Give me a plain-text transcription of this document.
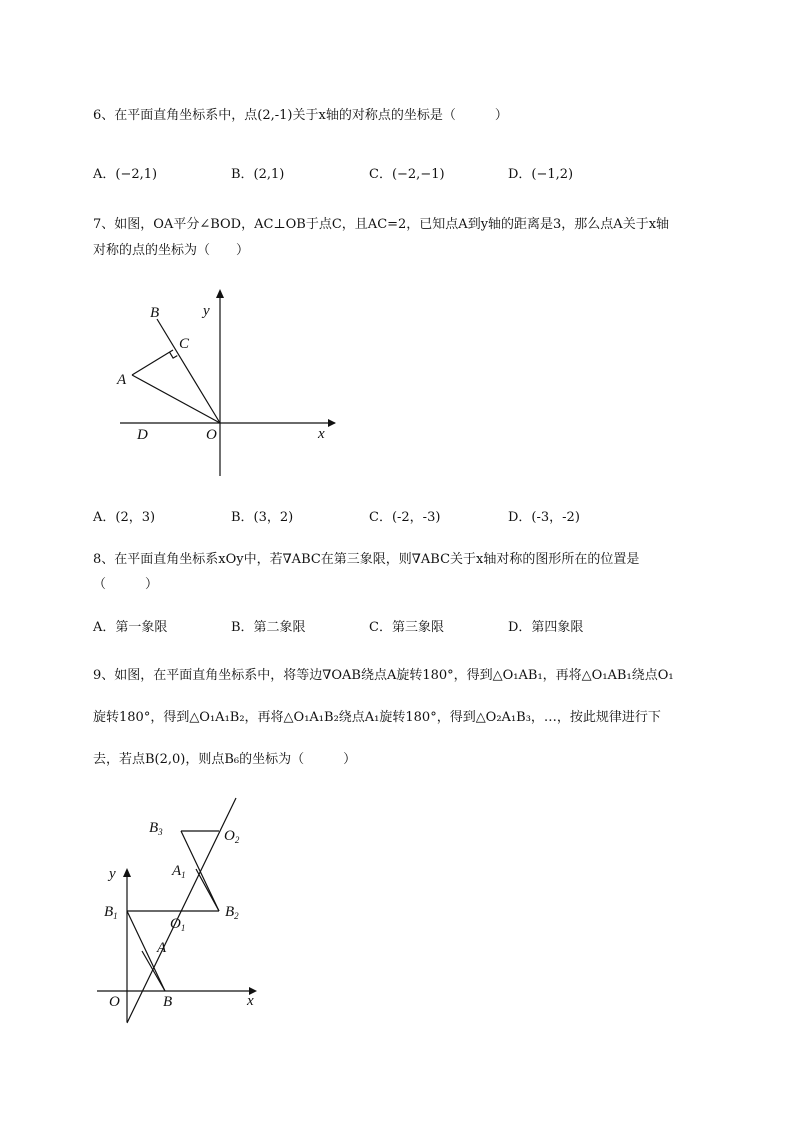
6、在平面直角坐标系中，点(2,-1)关于x轴的对称点的坐标是（　　　）
A．(−2,1)	B．(2,1)	C．(−2,−1)	D．(−1,2)
7、如图，OA平分∠BOD，AC⊥OB于点C，且AC=2，已知点A到y轴的距离是3，那么点A关于x轴
对称的点的坐标为（　　）
B
C
A
D	O	x
y
A．(2，3)	B．(3，2)	C．(-2，-3)	D．(-3，-2)
8、在平面直角坐标系xOy中，若∇ABC在第三象限，则∇ABC关于x轴对称的图形所在的位置是
（　　　）
A．第一象限	B．第二象限	C．第三象限	D．第四象限
9、如图，在平面直角坐标系中，将等边∇OAB绕点A旋转180°，得到△O₁AB₁，再将△O₁AB₁绕点O₁
旋转180°，得到△O₁A₁B₂，再将△O₁A₁B₂绕点A₁旋转180°，得到△O₂A₁B₃，…，按此规律进行下
去，若点B(2,0)，则点B₆的坐标为（　　　）
$B_3$	$O_2$
$A_1$
y
$B_1$	$O_1$
$B_2$
A
O	B	x
